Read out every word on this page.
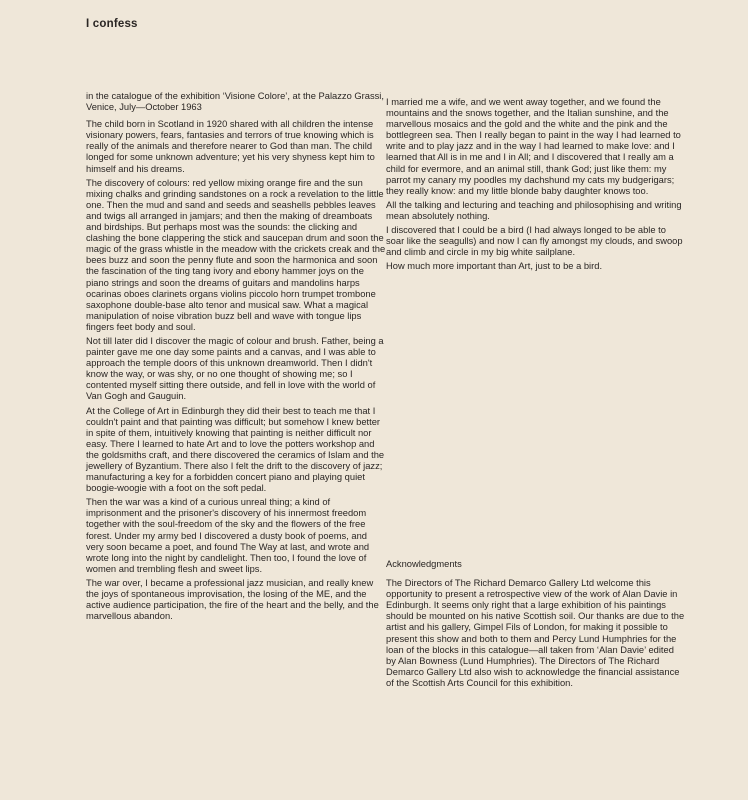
I confess

in the catalogue of the exhibition ‘Visione Colore’, at the Palazzo Grassi, Venice, July—October 1963

The child born in Scotland in 1920 shared with all children the intense visionary powers, fears, fantasies and terrors of true knowing which is really of the animals and therefore nearer to God than man. The child longed for some unknown adventure; yet his very shyness kept him to himself and his dreams.

The discovery of colours: red yellow mixing orange fire and the sun mixing chalks and grinding sandstones on a rock a revelation to the little one. Then the mud and sand and seeds and seashells pebbles leaves and twigs all arranged in jamjars; and then the making of dreamboats and birdships. But perhaps most was the sounds: the clicking and clashing the bone clappering the stick and saucepan drum and soon the magic of the grass whistle in the meadow with the crickets creak and the bees buzz and soon the penny flute and soon the harmonica and soon the fascination of the ting tang ivory and ebony hammer joys on the piano strings and soon the dreams of guitars and mandolins harps ocarinas oboes clarinets organs violins piccolo horn trumpet trombone saxophone double-base alto tenor and musical saw. What a magical manipulation of noise vibration buzz bell and wave with tongue lips fingers feet body and soul.

Not till later did I discover the magic of colour and brush. Father, being a painter gave me one day some paints and a canvas, and I was able to approach the temple doors of this unknown dreamworld. Then I didn't know the way, or was shy, or no one thought of showing me; so I contented myself sitting there outside, and fell in love with the world of Van Gogh and Gauguin.

At the College of Art in Edinburgh they did their best to teach me that I couldn't paint and that painting was difficult; but somehow I knew better in spite of them, intuitively knowing that painting is neither difficult nor easy. There I learned to hate Art and to love the potters workshop and the goldsmiths craft, and there discovered the ceramics of Islam and the jewellery of Byzantium. There also I felt the drift to the discovery of jazz; manufacturing a key for a forbidden concert piano and playing quiet boogie-woogie with a foot on the soft pedal.

Then the war was a kind of a curious unreal thing; a kind of imprisonment and the prisoner's discovery of his innermost freedom together with the soul-freedom of the sky and the flowers of the free forest. Under my army bed I discovered a dusty book of poems, and very soon became a poet, and found The Way at last, and wrote and wrote long into the night by candlelight. Then too, I found the love of women and trembling flesh and sweet lips.

The war over, I became a professional jazz musician, and really knew the joys of spontaneous improvisation, the losing of the ME, and the active audience participation, the fire of the heart and the belly, and the marvellous abandon.

I married me a wife, and we went away together, and we found the mountains and the snows together, and the Italian sunshine, and the marvellous mosaics and the gold and the white and the pink and the bottlegreen sea. Then I really began to paint in the way I had learned to write and to play jazz and in the way I had learned to make love: and I learned that All is in me and I in All; and I discovered that I really am a child for evermore, and an animal still, thank God; just like them: my parrot my canary my poodles my dachshund my cats my budgerigars; they really know: and my little blonde baby daughter knows too.

All the talking and lecturing and teaching and philosophising and writing mean absolutely nothing.

I discovered that I could be a bird (I had always longed to be able to soar like the seagulls) and now I can fly amongst my clouds, and swoop and climb and circle in my big white sailplane.

How much more important than Art, just to be a bird.

Acknowledgments

The Directors of The Richard Demarco Gallery Ltd welcome this opportunity to present a retrospective view of the work of Alan Davie in Edinburgh. It seems only right that a large exhibition of his paintings should be mounted on his native Scottish soil. Our thanks are due to the artist and his gallery, Gimpel Fils of London, for making it possible to present this show and both to them and Percy Lund Humphries for the loan of the blocks in this catalogue—all taken from ‘Alan Davie’ edited by Alan Bowness (Lund Humphries). The Directors of The Richard Demarco Gallery Ltd also wish to acknowledge the financial assistance of the Scottish Arts Council for this exhibition.
